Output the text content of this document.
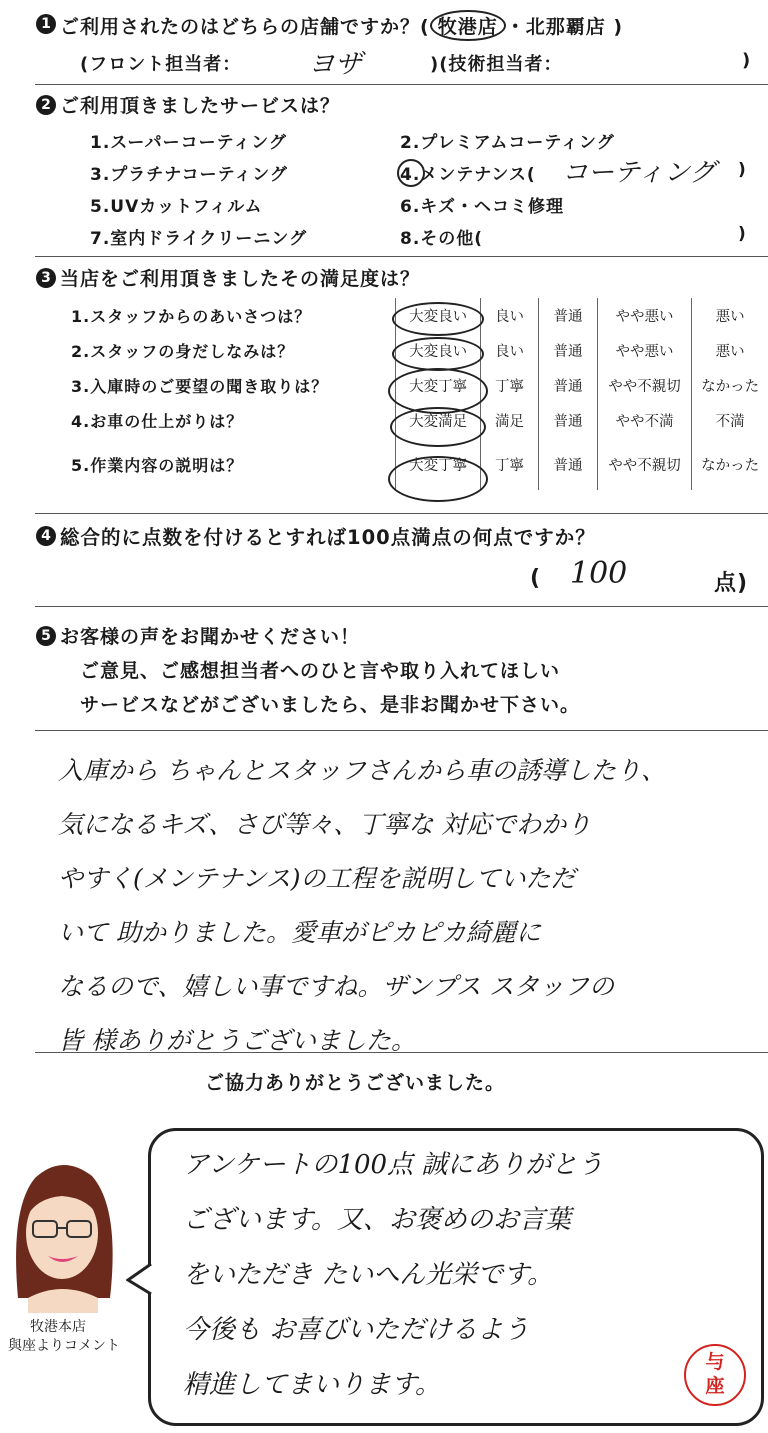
1 ご利用されたのはどちらの店舗ですか？( 牧港店 ・北那覇店 )
(フロント担当者： ヨザ	)(技術担当者：	)
2 ご利用頂きましたサービスは？
1.スーパーコーティング	2.プレミアムコーティング
3.プラチナコーティング	4.メンテナンス( コーティング )
5.UVカットフィルム	6.キズ・ヘコミ修理
7.室内ドライクリーニング	8.その他(	)
3 当店をご利用頂きましたその満足度は？
1.スタッフからのあいさつは？	大変良い	良い	普通	やや悪い	悪い
2.スタッフの身だしなみは？	大変良い	良い	普通	やや悪い	悪い
3.入庫時のご要望の聞き取りは？	大変丁寧	丁寧	普通	やや不親切	なかった
4.お車の仕上がりは？	大変満足	満足	普通	やや不満	不満
5.作業内容の説明は？	大変丁寧	丁寧	普通	やや不親切	なかった
4 総合的に点数を付けるとすれば100点満点の何点ですか？
( 100	点)
5 お客様の声をお聞かせください！
ご意見、ご感想担当者へのひと言や取り入れてほしい
サービスなどがございましたら、是非お聞かせ下さい。
入庫から ちゃんとスタッフさんから車の誘導したり、
気になるキズ、さび等々、丁寧な 対応でわかり
やすく(メンテナンス)の工程を説明していただ
いて 助かりました。愛車がピカピカ綺麗に
なるので、嬉しい事ですね。ザンプス スタッフの
皆 様ありがとうございました。
ご協力ありがとうございました。
牧港本店
與座よりコメント
アンケートの100点 誠にありがとう
ございます。又、お褒めのお言葉
をいただき たいへん光栄です。
今後も お喜びいただけるよう
精進してまいります。
与
座
